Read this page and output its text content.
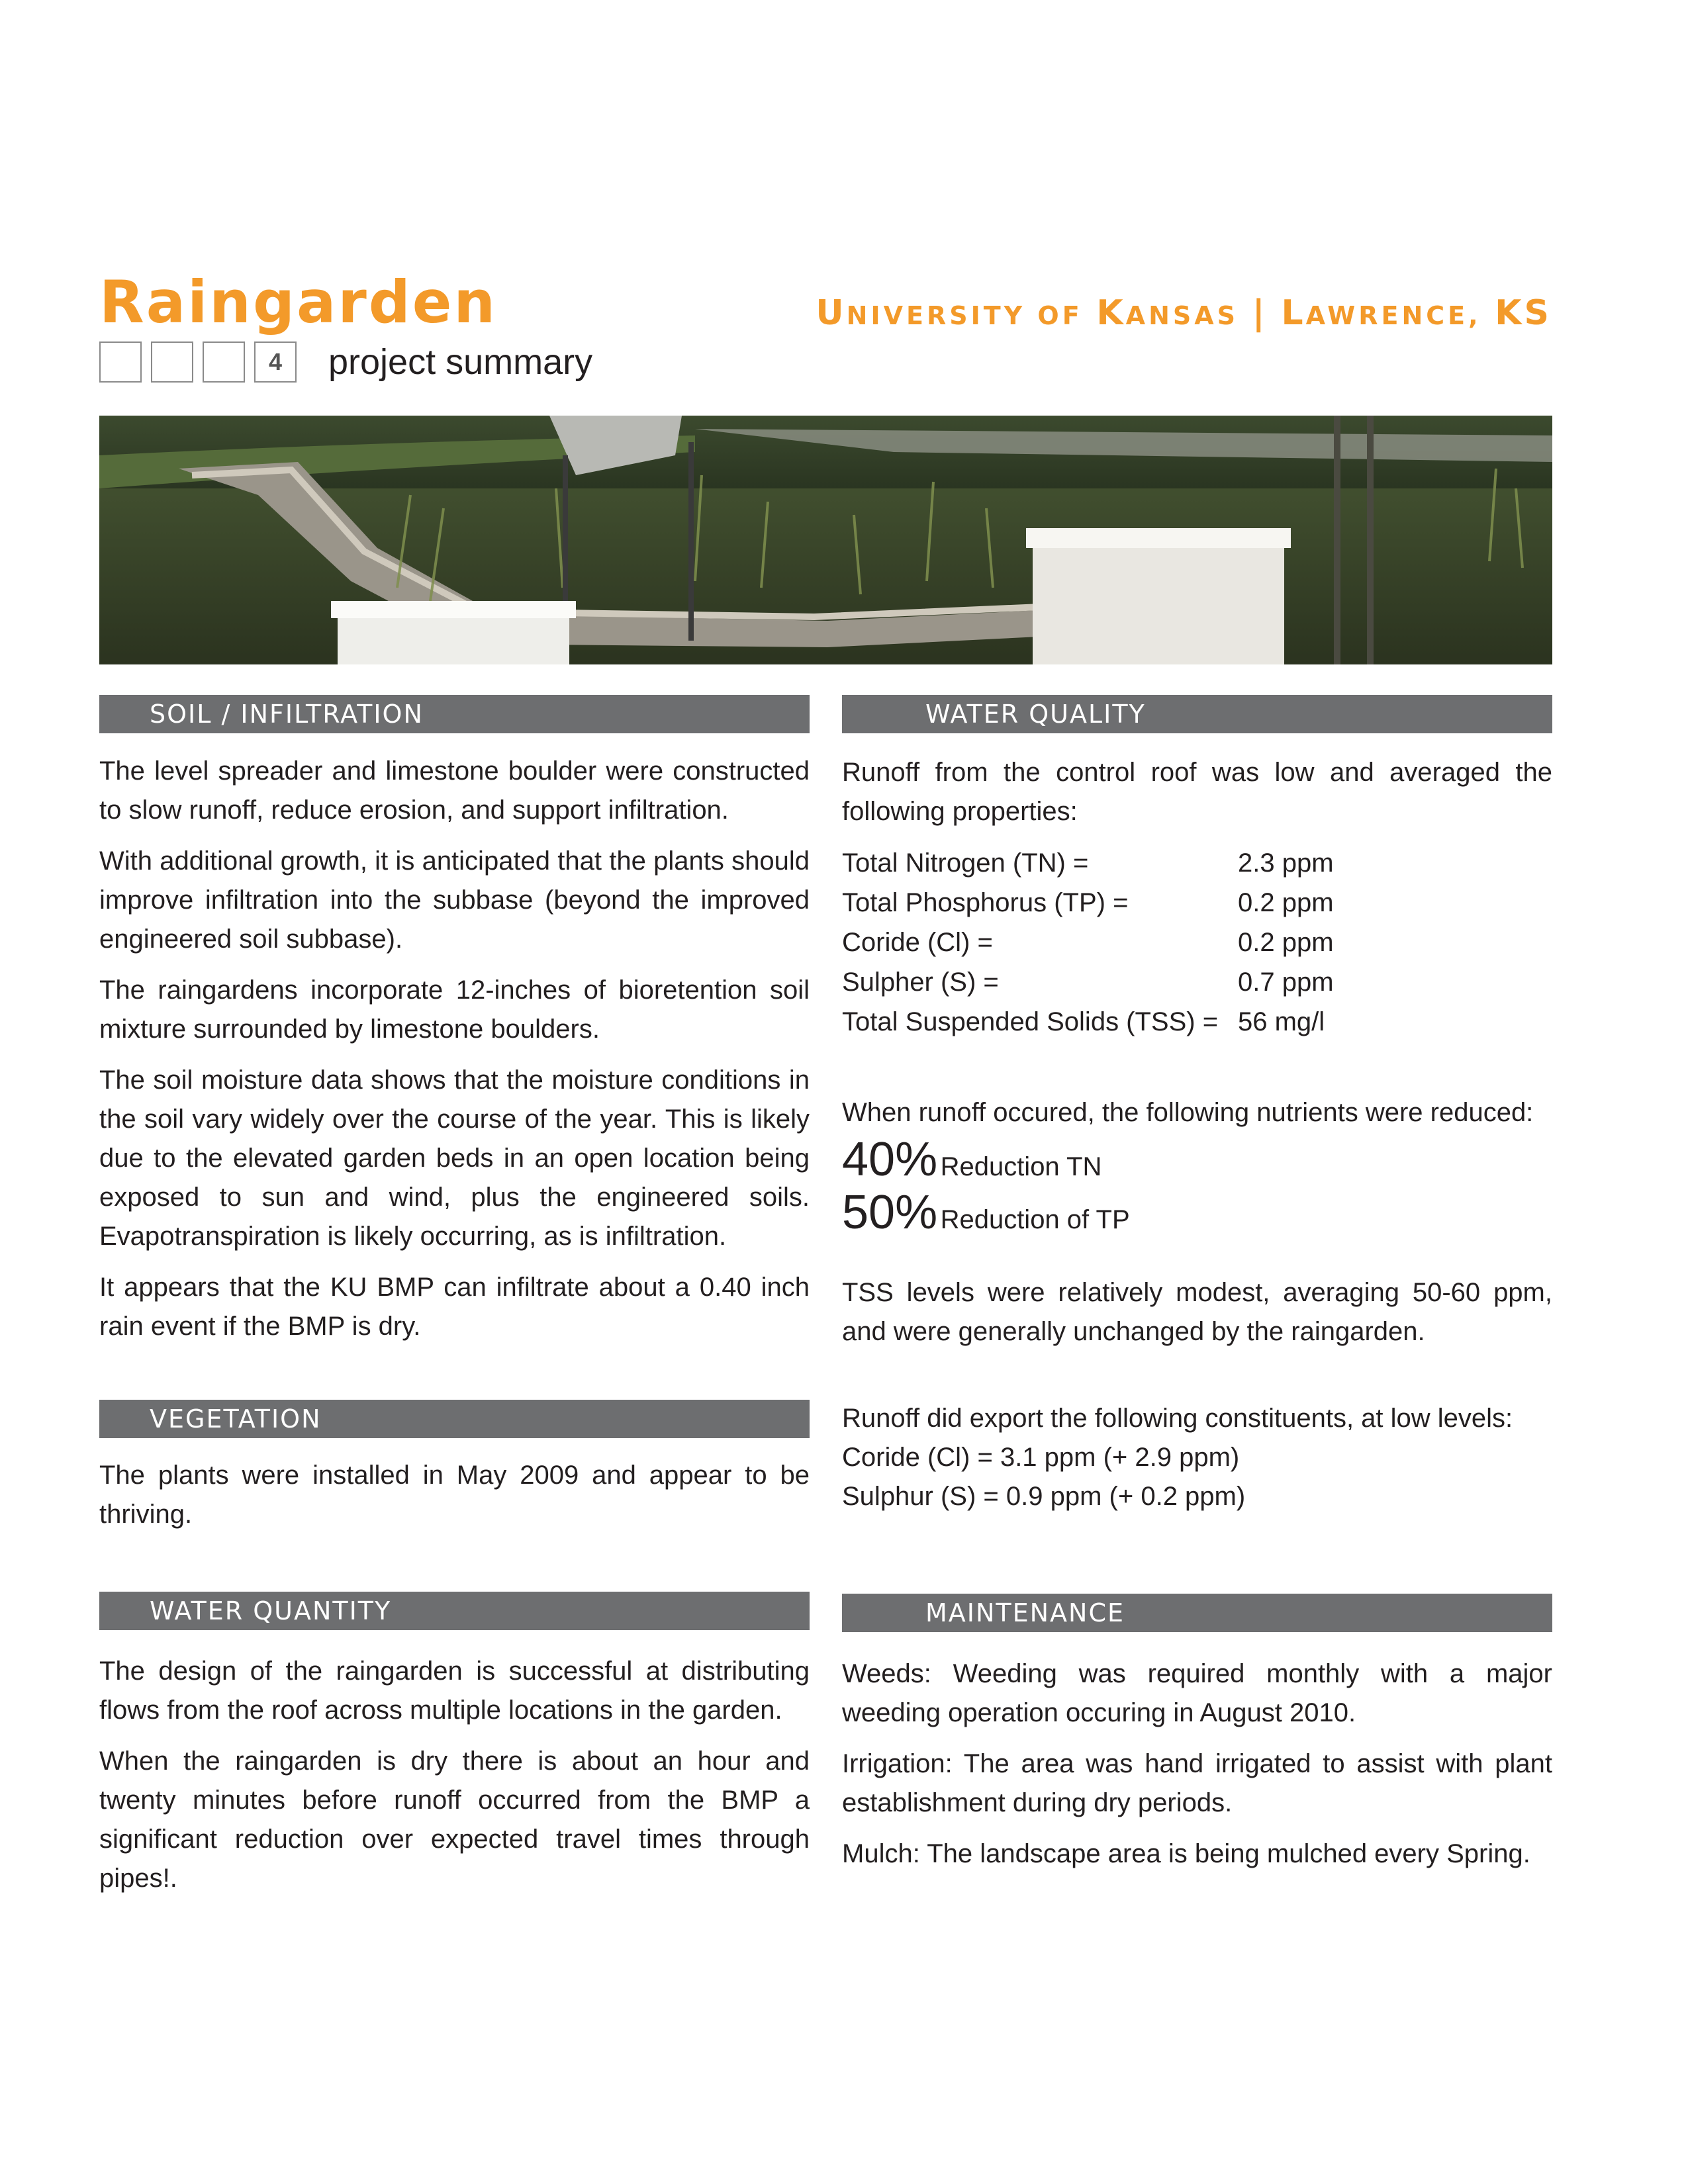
Raingarden	UNIVERSITY OF KANSAS | LAWRENCE, KS
4	project summary
SOIL / INFILTRATION

The level spreader and limestone boulder were constructed to slow runoff, reduce erosion, and support infiltration.

With additional growth, it is anticipated that the plants should improve infiltration into the subbase (beyond the improved engineered soil subbase).

The raingardens incorporate 12-inches of bioretention soil mixture surrounded by limestone boulders.

The soil moisture data shows that the moisture conditions in the soil vary widely over the course of the year. This is likely due to the elevated garden beds in an open location being exposed to sun and wind, plus the engineered soils. Evapotranspiration is likely occurring, as is infiltration.

It appears that the KU BMP can infiltrate about a 0.40 inch rain event if the BMP is dry.

VEGETATION

The plants were installed in May 2009 and appear to be thriving.

WATER QUANTITY

The design of the raingarden is successful at distributing flows from the roof across multiple locations in the garden.

When the raingarden is dry there is about an hour and twenty minutes before runoff occurred from the BMP a significant reduction over expected travel times through pipes!.

WATER QUALITY

Runoff from the control roof was low and averaged the following properties:

Total Nitrogen (TN) =	2.3 ppm
Total Phosphorus (TP) =	0.2 ppm
Coride (Cl) =	0.2 ppm
Sulpher (S) =	0.7 ppm
Total Suspended Solids (TSS) =	56 mg/l
When runoff occured, the following nutrients were reduced:
40% Reduction TN
50% Reduction of TP

TSS levels were relatively modest, averaging 50-60 ppm, and were generally unchanged by the raingarden.

Runoff did export the following constituents, at low levels:
Coride (Cl) = 3.1 ppm (+ 2.9 ppm)
Sulphur (S) = 0.9 ppm (+ 0.2 ppm)
MAINTENANCE

Weeds: Weeding was required monthly with a major weeding operation occuring in August 2010.

Irrigation: The area was hand irrigated to assist with plant establishment during dry periods.

Mulch: The landscape area is being mulched every Spring.
